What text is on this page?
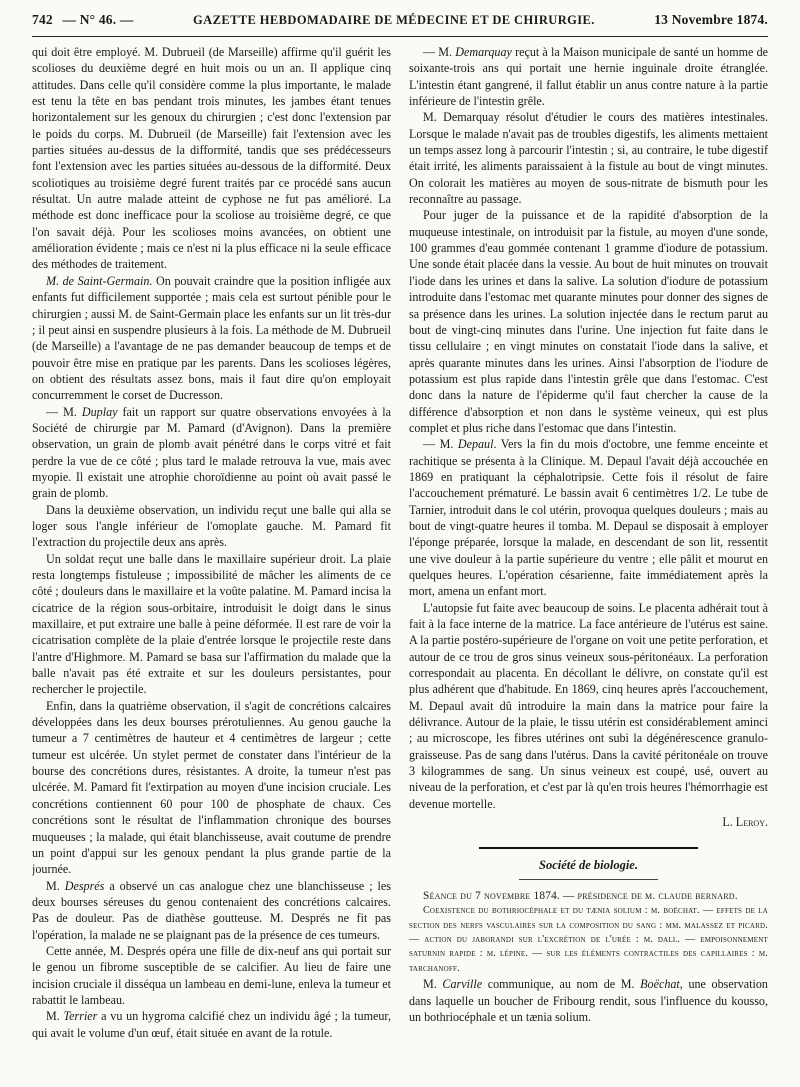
742 — N° 46. —	GAZETTE HEBDOMADAIRE DE MÉDECINE ET DE CHIRURGIE.	13 Novembre 1874.

qui doit être employé. M. Dubrueil (de Marseille) affirme qu'il guérit les scolioses du deuxième degré en huit mois ou un an. Il applique cinq attitudes. Dans celle qu'il considère comme la plus importante, le malade est tenu la tête en bas pendant trois minutes, les jambes étant tenues horizontalement sur les genoux du chirurgien ; c'est donc l'extension par le poids du corps. M. Dubrueil (de Marseille) fait l'extension avec les parties situées au-dessus de la difformité, tandis que ses prédécesseurs font l'extension avec les parties situées au-dessous de la difformité. Deux scoliotiques au troisième degré furent traités par ce procédé sans aucun résultat. Un autre malade atteint de cyphose ne fut pas amélioré. La méthode est donc inefficace pour la scoliose au troisième degré, ce que l'on savait déjà. Pour les scolioses moins avancées, on obtient une amélioration évidente ; mais ce n'est ni la plus efficace ni la seule efficace des méthodes de traitement.

M. de Saint-Germain. On pouvait craindre que la position infligée aux enfants fut difficilement supportée ; mais cela est surtout pénible pour le chirurgien ; aussi M. de Saint-Germain place les enfants sur un lit très-dur ; il peut ainsi en suspendre plusieurs à la fois. La méthode de M. Dubrueil (de Marseille) a l'avantage de ne pas demander beaucoup de temps et de pouvoir être mise en pratique par les parents. Dans les scolioses légères, on obtient des résultats assez bons, mais il faut dire qu'on employait concurremment le corset de Ducresson.

— M. Duplay fait un rapport sur quatre observations envoyées à la Société de chirurgie par M. Pamard (d'Avignon). Dans la première observation, un grain de plomb avait pénétré dans le corps vitré et fait perdre la vue de ce côté ; plus tard le malade retrouva la vue, mais avec myopie. Il existait une atrophie choroïdienne au point où avait passé le grain de plomb.

Dans la deuxième observation, un individu reçut une balle qui alla se loger sous l'angle inférieur de l'omoplate gauche. M. Pamard fit l'extraction du projectile deux ans après.

Un soldat reçut une balle dans le maxillaire supérieur droit. La plaie resta longtemps fistuleuse ; impossibilité de mâcher les aliments de ce côté ; douleurs dans le maxillaire et la voûte palatine. M. Pamard incisa la cicatrice de la région sous-orbitaire, introduisit le doigt dans le sinus maxillaire, et put extraire une balle à peine déformée. Il est rare de voir la cicatrisation complète de la plaie d'entrée lorsque le projectile reste dans l'antre d'Highmore. M. Pamard se basa sur l'affirmation du malade que la balle n'avait pas été extraite et sur les douleurs persistantes, pour rechercher le projectile.

Enfin, dans la quatrième observation, il s'agit de concrétions calcaires développées dans les deux bourses prérotuliennes. Au genou gauche la tumeur a 7 centimètres de hauteur et 4 centimètres de largeur ; cette tumeur est ulcérée. Un stylet permet de constater dans l'intérieur de la bourse des concrétions dures, résistantes. A droite, la tumeur n'est pas ulcérée. M. Pamard fit l'extirpation au moyen d'une incision cruciale. Les concrétions contiennent 60 pour 100 de phosphate de chaux. Ces concrétions sont le résultat de l'inflammation chronique des bourses muqueuses ; la malade, qui était blanchisseuse, avait coutume de prendre un point d'appui sur les genoux pendant la plus grande partie de la journée.

M. Després a observé un cas analogue chez une blanchisseuse ; les deux bourses séreuses du genou contenaient des concrétions calcaires. Pas de douleur. Pas de diathèse goutteuse. M. Després ne fit pas l'opération, la malade ne se plaignant pas de la présence de ces tumeurs.

Cette année, M. Després opéra une fille de dix-neuf ans qui portait sur le genou un fibrome susceptible de se calcifier. Au lieu de faire une incision cruciale il disséqua un lambeau en demi-lune, enleva la tumeur et rabattit le lambeau.

M. Terrier a vu un hygroma calcifié chez un individu âgé ; la tumeur, qui avait le volume d'un œuf, était située en avant de la rotule.

— M. Demarquay reçut à la Maison municipale de santé un homme de soixante-trois ans qui portait une hernie inguinale droite étranglée. L'intestin étant gangrené, il fallut établir un anus contre nature à la partie inférieure de l'intestin grêle.

M. Demarquay résolut d'étudier le cours des matières intestinales. Lorsque le malade n'avait pas de troubles digestifs, les aliments mettaient un temps assez long à parcourir l'intestin ; si, au contraire, le tube digestif était irrité, les aliments paraissaient à la fistule au bout de vingt minutes. On colorait les matières au moyen de sous-nitrate de bismuth pour les reconnaître au passage.

Pour juger de la puissance et de la rapidité d'absorption de la muqueuse intestinale, on introduisit par la fistule, au moyen d'une sonde, 100 grammes d'eau gommée contenant 1 gramme d'iodure de potassium. Une sonde était placée dans la vessie. Au bout de huit minutes on trouvait l'iode dans les urines et dans la salive. La solution d'iodure de potassium introduite dans l'estomac met quarante minutes pour donner des signes de sa présence dans les urines. La solution injectée dans le rectum parut au bout de vingt-cinq minutes dans l'urine. Une injection fut faite dans le tissu cellulaire ; en vingt minutes on constatait l'iode dans la salive, et après quarante minutes dans les urines. Ainsi l'absorption de l'iodure de potassium est plus rapide dans l'intestin grêle que dans l'estomac. C'est donc dans la nature de l'épiderme qu'il faut chercher la cause de la différence d'absorption et non dans le système veineux, qui est plus complet et plus riche dans l'estomac que dans l'intestin.

— M. Depaul. Vers la fin du mois d'octobre, une femme enceinte et rachitique se présenta à la Clinique. M. Depaul l'avait déjà accouchée en 1869 en pratiquant la céphalotripsie. Cette fois il résolut de faire l'accouchement prématuré. Le bassin avait 6 centimètres 1/2. Le tube de Tarnier, introduit dans le col utérin, provoqua quelques douleurs ; mais au bout de vingt-quatre heures il tomba. M. Depaul se disposait à employer l'éponge préparée, lorsque la malade, en descendant de son lit, ressentit une vive douleur à la partie supérieure du ventre ; elle pâlit et mourut en quelques heures. L'opération césarienne, faite immédiatement après la mort, amena un enfant mort.

L'autopsie fut faite avec beaucoup de soins. Le placenta adhérait tout à fait à la face interne de la matrice. La face antérieure de l'utérus est saine. A la partie postéro-supérieure de l'organe on voit une petite perforation, et autour de ce trou de gros sinus veineux sous-péritonéaux. La perforation correspondait au placenta. En décollant le délivre, on constate qu'il est plus adhérent que d'habitude. En 1869, cinq heures après l'accouchement, M. Depaul avait dû introduire la main dans la matrice pour faire la délivrance. Autour de la plaie, le tissu utérin est considérablement aminci ; au microscope, les fibres utérines ont subi la dégénérescence granulo-graisseuse. Pas de sang dans l'utérus. Dans la cavité péritonéale on trouve 3 kilogrammes de sang. Un sinus veineux est coupé, usé, ouvert au niveau de la perforation, et c'est par là qu'en trois heures l'hémorrhagie est devenue mortelle.

L. Leroy.

Société de biologie.

Séance du 7 novembre 1874. — présidence de m. claude bernard.

Coexistence du bothriocéphale et du tænia solium : m. boëchat. — effets de la section des nerfs vasculaires sur la composition du sang : mm. malassez et picard. — action du jaborandi sur l'excrétion de l'urée : m. dall. — empoisonnement saturnin rapide : m. lépine. — sur les éléments contractiles des capillaires : m. tarchanoff.

M. Carville communique, au nom de M. Boëchat, une observation dans laquelle un boucher de Fribourg rendit, sous l'influence du kousso, un bothriocéphale et un tænia solium.
